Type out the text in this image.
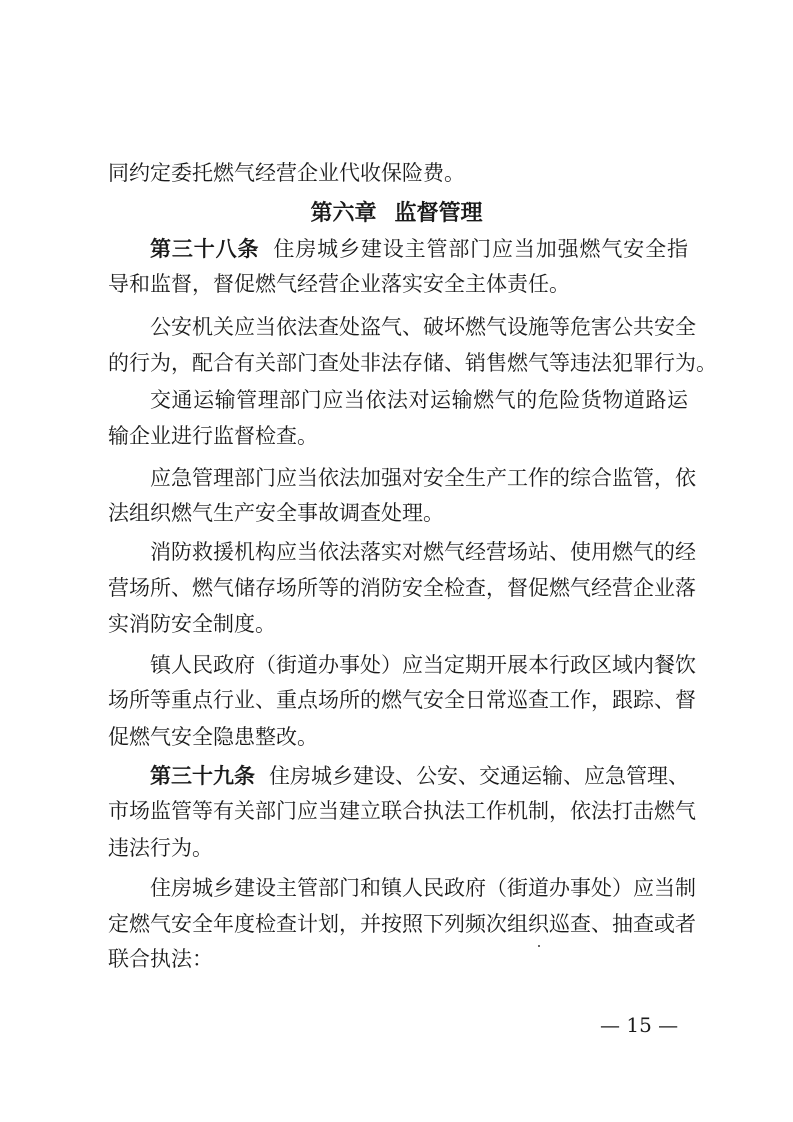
同约定委托燃气经营企业代收保险费。
第六章 监督管理
第三十八条 住房城乡建设主管部门应当加强燃气安全指
导和监督，督促燃气经营企业落实安全主体责任。
公安机关应当依法查处盗气、破坏燃气设施等危害公共安全
的行为，配合有关部门查处非法存储、销售燃气等违法犯罪行为。
交通运输管理部门应当依法对运输燃气的危险货物道路运
输企业进行监督检查。
应急管理部门应当依法加强对安全生产工作的综合监管，依
法组织燃气生产安全事故调查处理。
消防救援机构应当依法落实对燃气经营场站、使用燃气的经
营场所、燃气储存场所等的消防安全检查，督促燃气经营企业落
实消防安全制度。
镇人民政府（街道办事处）应当定期开展本行政区域内餐饮
场所等重点行业、重点场所的燃气安全日常巡查工作，跟踪、督
促燃气安全隐患整改。
第三十九条 住房城乡建设、公安、交通运输、应急管理、
市场监管等有关部门应当建立联合执法工作机制，依法打击燃气
违法行为。
住房城乡建设主管部门和镇人民政府（街道办事处）应当制
定燃气安全年度检查计划，并按照下列频次组织巡查、抽查或者
联合执法：
— 15 —
